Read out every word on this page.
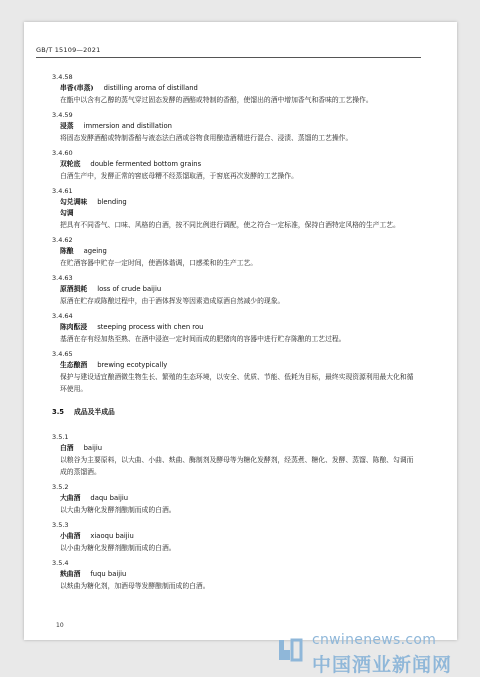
GB/T 15109—2021
3.4.58
串香(串蒸) distilling aroma of distilland
在甑中以含有乙醇的蒸气穿过固态发酵的酒醅或特制的香醅，使馏出的酒中增加香气和香味的工艺操作。
3.4.59
浸蒸 immersion and distillation
将固态发酵酒醅或特制香醅与液态法白酒或谷物食用酿造酒精进行混合、浸渍、蒸馏的工艺操作。
3.4.60
双轮底 double fermented bottom grains
白酒生产中，发酵正常的窖底母糟不经蒸馏取酒，于窖底再次发酵的工艺操作。
3.4.61
勾兑调味 blending
勾调
把具有不同香气、口味、风格的白酒，按不同比例进行调配，使之符合一定标准，保持白酒特定风格的生产工艺。
3.4.62
陈酿 ageing
在贮酒容器中贮存一定时间，使酒体谐调，口感柔和的生产工艺。
3.4.63
原酒损耗 loss of crude baijiu
原酒在贮存或陈酿过程中，由于酒体挥发等因素造成原酒自然减少的现象。
3.4.64
陈肉酝浸 steeping process with chen rou
基酒在存有经加热至熟、在酒中浸泡一定时间而成的肥猪肉的容器中进行贮存陈酿的工艺过程。
3.4.65
生态酿酒 brewing ecotypically
保护与建设适宜酿酒微生物生长、繁殖的生态环境，以安全、优质、节能、低耗为目标，最终实现资源利用最大化和循环使用。
3.5 成品及半成品
3.5.1
白酒 baijiu
以粮谷为主要原料，以大曲、小曲、麸曲、酶制剂及酵母等为糖化发酵剂，经蒸煮、糖化、发酵、蒸馏、陈酿、勾调而成的蒸馏酒。
3.5.2
大曲酒 daqu baijiu
以大曲为糖化发酵剂酿制而成的白酒。
3.5.3
小曲酒 xiaoqu baijiu
以小曲为糖化发酵剂酿制而成的白酒。
3.5.4
麸曲酒 fuqu baijiu
以麸曲为糖化剂，加酒母等发酵酿制而成的白酒。
10
cnwinenews.com
中国酒业新闻网
